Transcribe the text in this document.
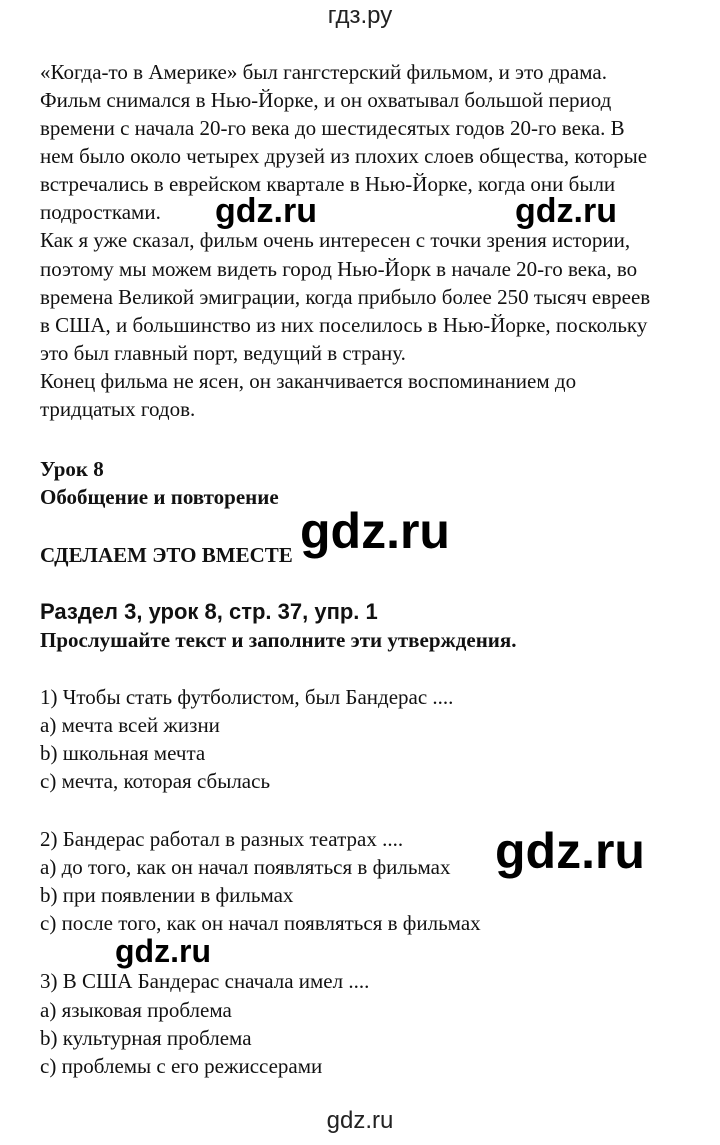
гдз.ру
«Когда-то в Америке» был гангстерский фильмом, и это драма.
Фильм снимался в Нью-Йорке, и он охватывал большой период
времени с начала 20-го века до шестидесятых годов 20-го века. В
нем было около четырех друзей из плохих слоев общества, которые
встречались в еврейском квартале в Нью-Йорке, когда они были
подростками.
Как я уже сказал, фильм очень интересен с точки зрения истории,
поэтому мы можем видеть город Нью-Йорк в начале 20-го века, во
времена Великой эмиграции, когда прибыло более 250 тысяч евреев
в США, и большинство из них поселилось в Нью-Йорке, поскольку
это был главный порт, ведущий в страну.
Конец фильма не ясен, он заканчивается воспоминанием до
тридцатых годов.
Урок 8
Обобщение и повторение
СДЕЛАЕМ ЭТО ВМЕСТЕ
Раздел 3, урок 8, стр. 37, упр. 1
Прослушайте текст и заполните эти утверждения.
1) Чтобы стать футболистом, был Бандерас ....
a) мечта всей жизни
b) школьная мечта
c) мечта, которая сбылась
2) Бандерас работал в разных театрах ....
a) до того, как он начал появляться в фильмах
b) при появлении в фильмах
c) после того, как он начал появляться в фильмах
3) В США Бандерас сначала имел ....
a) языковая проблема
b) культурная проблема
c) проблемы с его режиссерами
gdz.ru	gdz.ru
gdz.ru
gdz.ru
gdz.ru
gdz.ru
